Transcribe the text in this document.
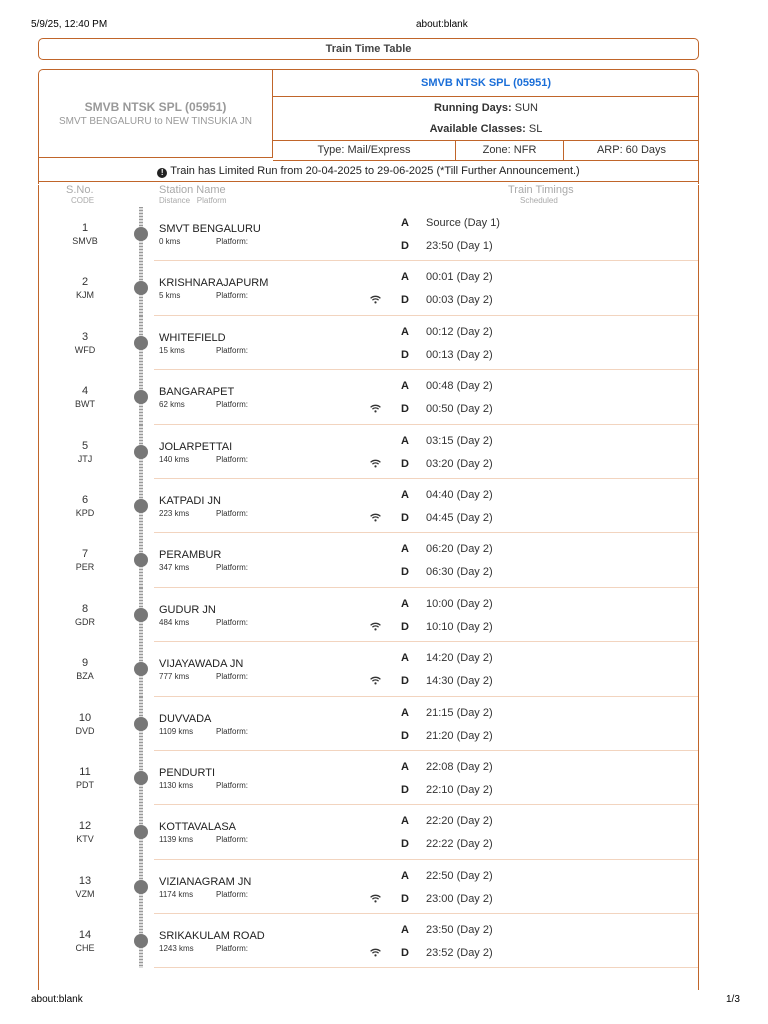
5/9/25, 12:40 PM	about:blank
Train Time Table
SMVB NTSK SPL (05951)
SMVT BENGALURU to NEW TINSUKIA JN
SMVB NTSK SPL (05951)
Running Days: SUN
Available Classes: SL
Type: Mail/Express	Zone: NFR	ARP: 60 Days
! Train has Limited Run from 20-04-2025 to 29-06-2025 (*Till Further Announcement.)
S.No.
CODE
Station Name
Distance Platform
Train Timings
Scheduled
1
SMVB
SMVT BENGALURU
0 kms	Platform:
A Source (Day 1)
D 23:50 (Day 1)
2
KJM
KRISHNARAJAPURM
5 kms	Platform:
A 00:01 (Day 2)
D 00:03 (Day 2)
3
WFD
WHITEFIELD
15 kms	Platform:
A 00:12 (Day 2)
D 00:13 (Day 2)
4
BWT
BANGARAPET
62 kms	Platform:
A 00:48 (Day 2)
D 00:50 (Day 2)
5
JTJ
JOLARPETTAI
140 kms	Platform:
A 03:15 (Day 2)
D 03:20 (Day 2)
6
KPD
KATPADI JN
223 kms	Platform:
A 04:40 (Day 2)
D 04:45 (Day 2)
7
PER
PERAMBUR
347 kms	Platform:
A 06:20 (Day 2)
D 06:30 (Day 2)
8
GDR
GUDUR JN
484 kms	Platform:
A 10:00 (Day 2)
D 10:10 (Day 2)
9
BZA
VIJAYAWADA JN
777 kms	Platform:
A 14:20 (Day 2)
D 14:30 (Day 2)
10
DVD
DUVVADA
1109 kms	Platform:
A 21:15 (Day 2)
D 21:20 (Day 2)
11
PDT
PENDURTI
1130 kms	Platform:
A 22:08 (Day 2)
D 22:10 (Day 2)
12
KTV
KOTTAVALASA
1139 kms	Platform:
A 22:20 (Day 2)
D 22:22 (Day 2)
13
VZM
VIZIANAGRAM JN
1174 kms	Platform:
A 22:50 (Day 2)
D 23:00 (Day 2)
14
CHE
SRIKAKULAM ROAD
1243 kms	Platform:
A 23:50 (Day 2)
D 23:52 (Day 2)
about:blank	1/3
